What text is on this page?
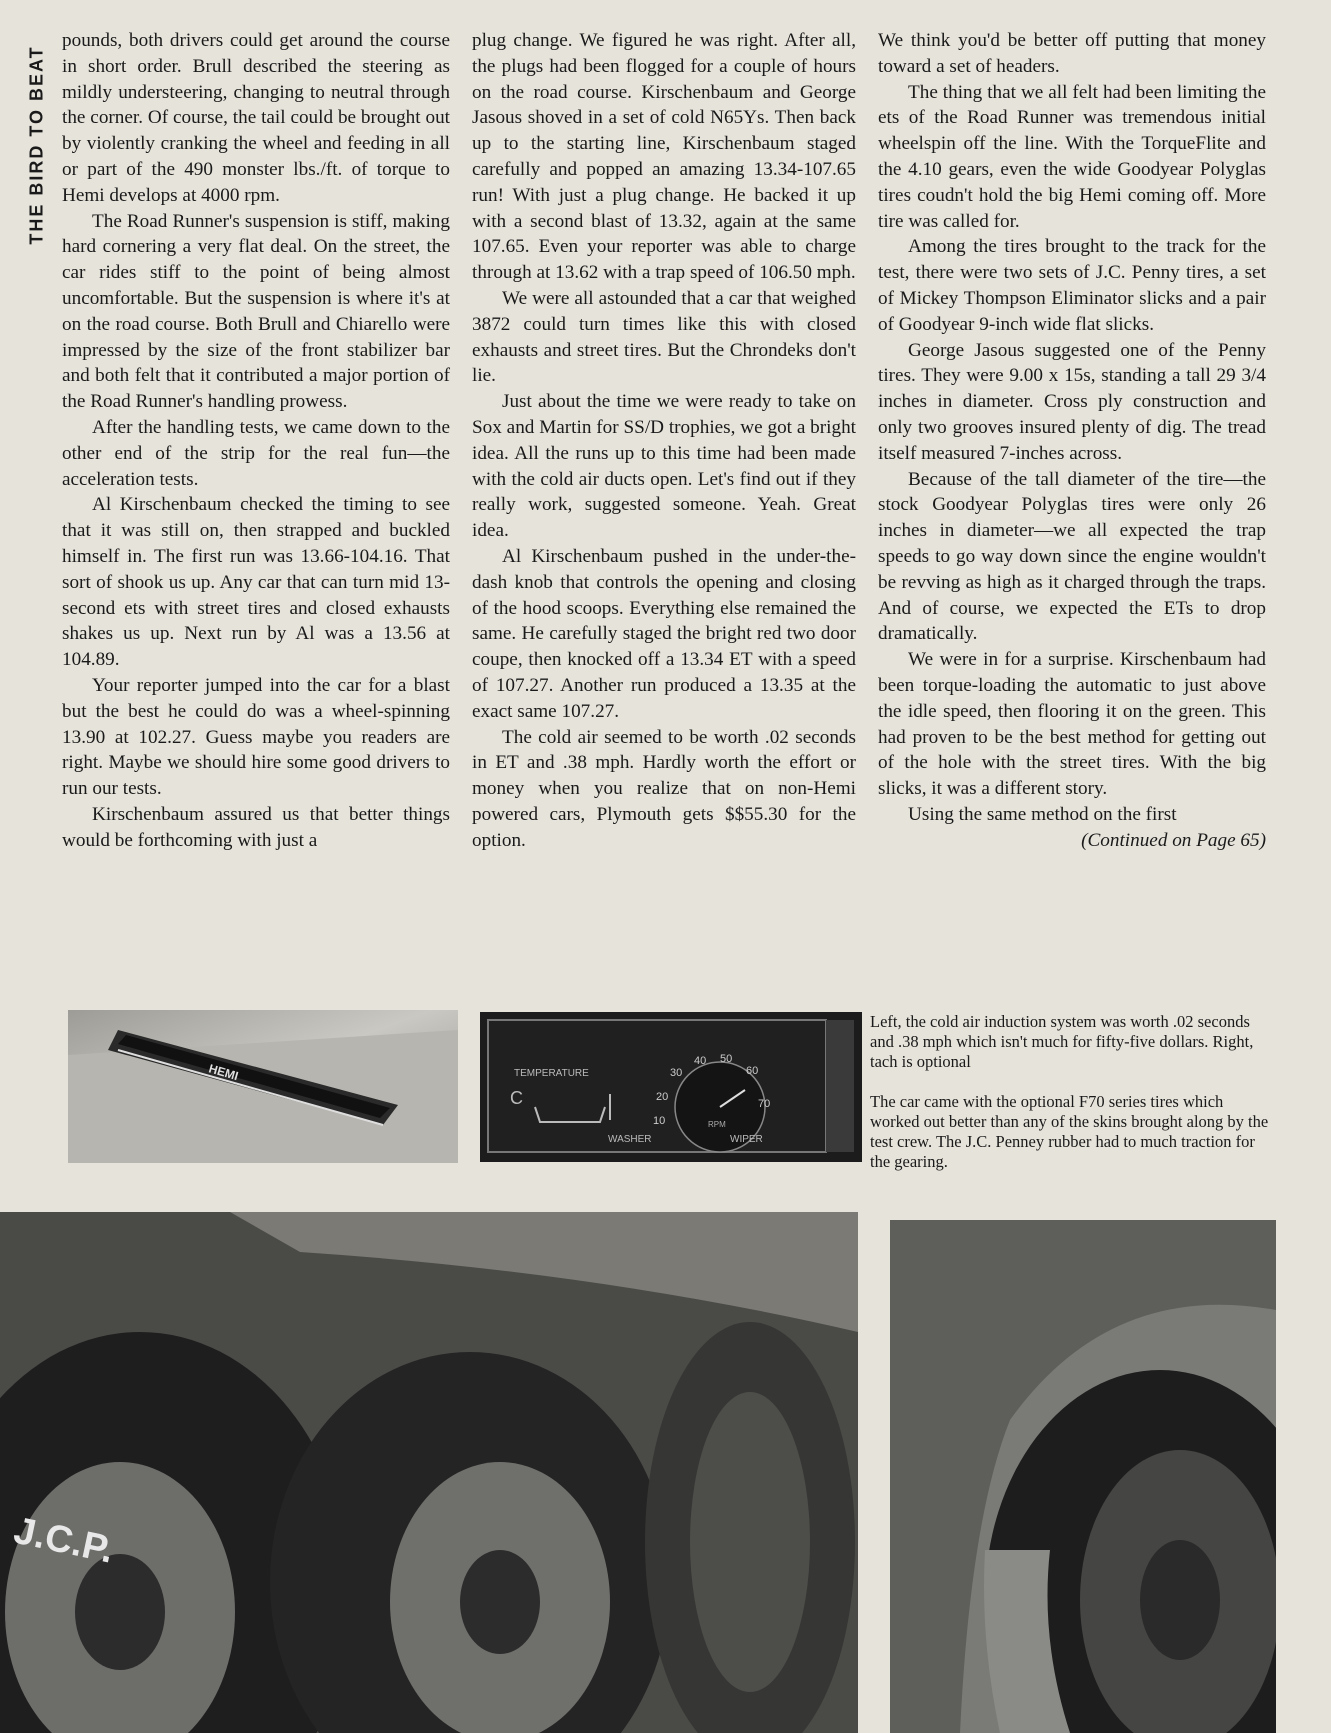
THE BIRD TO BEAT

pounds, both drivers could get around the course in short order. Brull described the steering as mildly understeering, changing to neutral through the corner. Of course, the tail could be brought out by violently cranking the wheel and feeding in all or part of the 490 monster lbs./ft. of torque to Hemi develops at 4000 rpm.

The Road Runner's suspension is stiff, making hard cornering a very flat deal. On the street, the car rides stiff to the point of being almost uncomfortable. But the suspension is where it's at on the road course. Both Brull and Chiarello were impressed by the size of the front stabilizer bar and both felt that it contributed a major portion of the Road Runner's handling prowess.

After the handling tests, we came down to the other end of the strip for the real fun—the acceleration tests.

Al Kirschenbaum checked the timing to see that it was still on, then strapped and buckled himself in. The first run was 13.66-104.16. That sort of shook us up. Any car that can turn mid 13-second ets with street tires and closed exhausts shakes us up. Next run by Al was a 13.56 at 104.89.

Your reporter jumped into the car for a blast but the best he could do was a wheel-spinning 13.90 at 102.27. Guess maybe you readers are right. Maybe we should hire some good drivers to run our tests.

Kirschenbaum assured us that better things would be forthcoming with just a

plug change. We figured he was right. After all, the plugs had been flogged for a couple of hours on the road course. Kirschenbaum and George Jasous shoved in a set of cold N65Ys. Then back up to the starting line, Kirschenbaum staged carefully and popped an amazing 13.34-107.65 run! With just a plug change. He backed it up with a second blast of 13.32, again at the same 107.65. Even your reporter was able to charge through at 13.62 with a trap speed of 106.50 mph.

We were all astounded that a car that weighed 3872 could turn times like this with closed exhausts and street tires. But the Chrondeks don't lie.

Just about the time we were ready to take on Sox and Martin for SS/D trophies, we got a bright idea. All the runs up to this time had been made with the cold air ducts open. Let's find out if they really work, suggested someone. Yeah. Great idea.

Al Kirschenbaum pushed in the under-the-dash knob that controls the opening and closing of the hood scoops. Everything else remained the same. He carefully staged the bright red two door coupe, then knocked off a 13.34 ET with a speed of 107.27. Another run produced a 13.35 at the exact same 107.27.

The cold air seemed to be worth .02 seconds in ET and .38 mph. Hardly worth the effort or money when you realize that on non-Hemi powered cars, Plymouth gets $$55.30 for the option.

We think you'd be better off putting that money toward a set of headers.

The thing that we all felt had been limiting the ets of the Road Runner was tremendous initial wheelspin off the line. With the TorqueFlite and the 4.10 gears, even the wide Goodyear Polyglas tires coudn't hold the big Hemi coming off. More tire was called for.

Among the tires brought to the track for the test, there were two sets of J.C. Penny tires, a set of Mickey Thompson Eliminator slicks and a pair of Goodyear 9-inch wide flat slicks.

George Jasous suggested one of the Penny tires. They were 9.00 x 15s, standing a tall 29 3/4 inches in diameter. Cross ply construction and only two grooves insured plenty of dig. The tread itself measured 7-inches across.

Because of the tall diameter of the tire—the stock Goodyear Polyglas tires were only 26 inches in diameter—we all expected the trap speeds to go way down since the engine wouldn't be revving as high as it charged through the traps. And of course, we expected the ETs to drop dramatically.

We were in for a surprise. Kirschenbaum had been torque-loading the automatic to just above the idle speed, then flooring it on the green. This had proven to be the best method for getting out of the hole with the street tires. With the big slicks, it was a different story.

Using the same method on the first

(Continued on Page 65)

HEMI	TEMPERATURE
C
10
20
30
40 50
60
70
RPM
WASHER	WIPER
Left, the cold air induction system was worth .02 seconds and .38 mph which isn't much for fifty-five dollars. Right, tach is optional
The car came with the optional F70 series tires which worked out better than any of the skins brought along by the test crew. The J.C. Penney rubber had to much traction for the gearing.
J.C.P.
